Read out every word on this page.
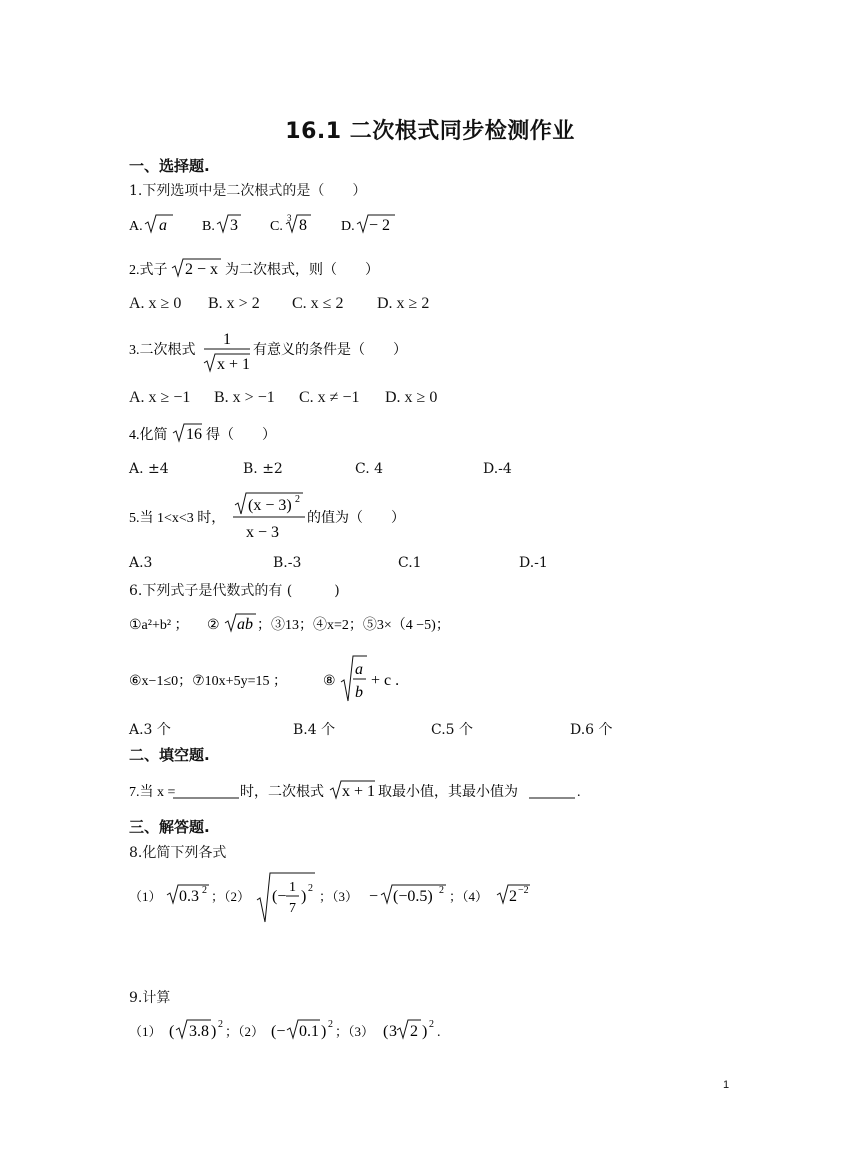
16.1 二次根式同步检测作业
一、选择题.
1.下列选项中是二次根式的是（　　）
A. a	B. 3 C.
3 8 D. − 2
2.式子 2 − x 为二次根式，则（　　）
A. x ≥ 0 B. x > 2 C. x ≤ 2 D. x ≥ 2
3.二次根式
1
x + 1
有意义的条件是（　　）
A. x ≥ −1 B. x > −1 C. x ≠ −1 D. x ≥ 0
4.化简 16 得（　　）
A. ±4	B. ±2	C. 4	D.-4
5.当 1<x<3 时，
(x − 3) 2
x − 3
的值为（　　）
A.3	B.-3	C.1	D.-1
6.下列式子是代数式的有 (　　　)
①a²+b² ； ② ab ；③13；④x=2；⑤3×（4 −5)；
⑥x−1≤0；⑦10x+5y=15 ；	⑧
a
b
+ c .
A.3 个	B.4 个	C.5 个	D.6 个
二、填空题.
7.当 x =	时，二次根式 x + 1 取最小值，其最小值为	.
三、解答题.
8.化简下列各式
（1） 0.3 2 ；（2） (−
1
7
) 2
；（3） − (−0.5) 2 ；（4） 2 −2
9.计算
（1） ( 3.8 ) 2 ；（2） (− 0.1 ) 2 ；（3） ( 3 2 ) 2
.
1
